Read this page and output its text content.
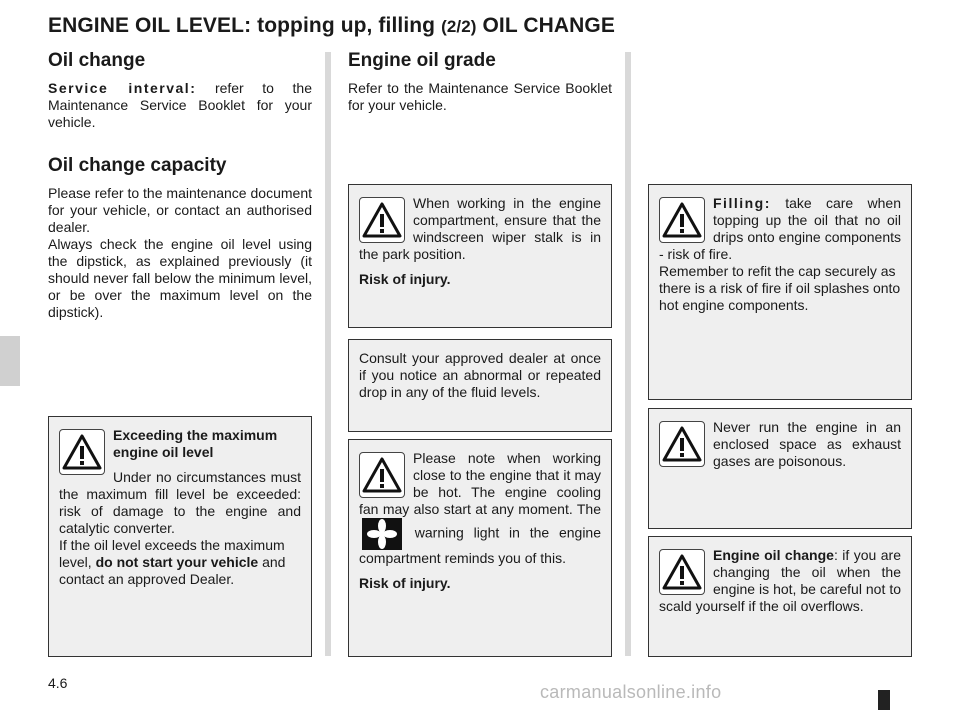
ENGINE OIL LEVEL: topping up, filling (2/2) OIL CHANGE
Oil change
Service interval: refer to the Maintenance Service Booklet for your vehicle.
Oil change capacity
Please refer to the maintenance document for your vehicle, or contact an authorised dealer.
Always check the engine oil level using the dipstick, as explained previously (it should never fall below the minimum level, or be over the maximum level on the dipstick).

Exceeding the maximum engine oil level

Under no circumstances must the maximum fill level be exceeded: risk of damage to the engine and catalytic converter.

If the oil level exceeds the maximum level, do not start your vehicle and contact an approved Dealer.

Engine oil grade
Refer to the Maintenance Service Booklet for your vehicle.

When working in the engine compartment, ensure that the windscreen wiper stalk is in the park position.

Risk of injury.

Consult your approved dealer at once if you notice an abnormal or repeated drop in any of the fluid levels.

Please note when working close to the engine that it may be hot. The engine cooling fan may also start at any moment. The
warning light in the engine compartment reminds you of this.

Risk of injury.

Filling: take care when topping up the oil that no oil drips onto engine components - risk of fire.

Remember to refit the cap securely as there is a risk of fire if oil splashes onto hot engine components.

Never run the engine in an enclosed space as exhaust gases are poisonous.

Engine oil change: if you are changing the oil when the engine is hot, be careful not to scald yourself if the oil overflows.

4.6	carmanualsonline.info
